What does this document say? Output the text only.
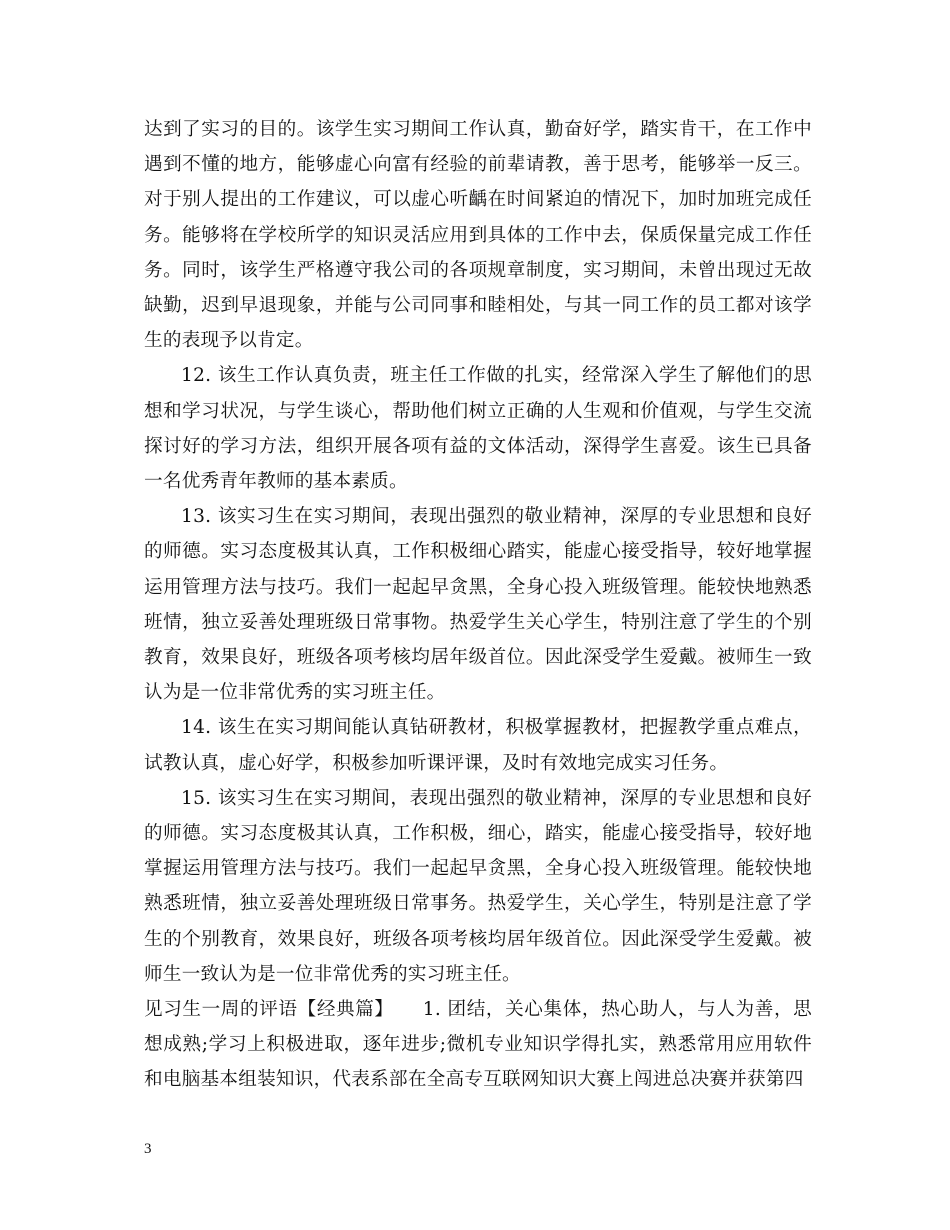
达到了实习的目的。该学生实习期间工作认真，勤奋好学，踏实肯干，在工作中遇到不懂的地方，能够虚心向富有经验的前辈请教，善于思考，能够举一反三。对于别人提出的工作建议，可以虚心听齲在时间紧迫的情况下，加时加班完成任务。能够将在学校所学的知识灵活应用到具体的工作中去，保质保量完成工作任务。同时，该学生严格遵守我公司的各项规章制度，实习期间，未曾出现过无故缺勤，迟到早退现象，并能与公司同事和睦相处，与其一同工作的员工都对该学生的表现予以肯定。

12. 该生工作认真负责，班主任工作做的扎实，经常深入学生了解他们的思想和学习状况，与学生谈心，帮助他们树立正确的人生观和价值观，与学生交流探讨好的学习方法，组织开展各项有益的文体活动，深得学生喜爱。该生已具备一名优秀青年教师的基本素质。

13. 该实习生在实习期间，表现出强烈的敬业精神，深厚的专业思想和良好的师德。实习态度极其认真，工作积极细心踏实，能虚心接受指导，较好地掌握运用管理方法与技巧。我们一起起早贪黑，全身心投入班级管理。能较快地熟悉班情，独立妥善处理班级日常事物。热爱学生关心学生，特别注意了学生的个别教育，效果良好，班级各项考核均居年级首位。因此深受学生爱戴。被师生一致认为是一位非常优秀的实习班主任。

14. 该生在实习期间能认真钻研教材，积极掌握教材，把握教学重点难点，试教认真，虚心好学，积极参加听课评课，及时有效地完成实习任务。

15. 该实习生在实习期间，表现出强烈的敬业精神，深厚的专业思想和良好的师德。实习态度极其认真，工作积极，细心，踏实，能虚心接受指导，较好地掌握运用管理方法与技巧。我们一起起早贪黑，全身心投入班级管理。能较快地熟悉班情，独立妥善处理班级日常事务。热爱学生，关心学生，特别是注意了学生的个别教育，效果良好，班级各项考核均居年级首位。因此深受学生爱戴。被师生一致认为是一位非常优秀的实习班主任。

见习生一周的评语【经典篇】　　1. 团结，关心集体，热心助人，与人为善，思想成熟;学习上积极进取，逐年进步;微机专业知识学得扎实，熟悉常用应用软件和电脑基本组装知识，代表系部在全高专互联网知识大赛上闯进总决赛并获第四

3
